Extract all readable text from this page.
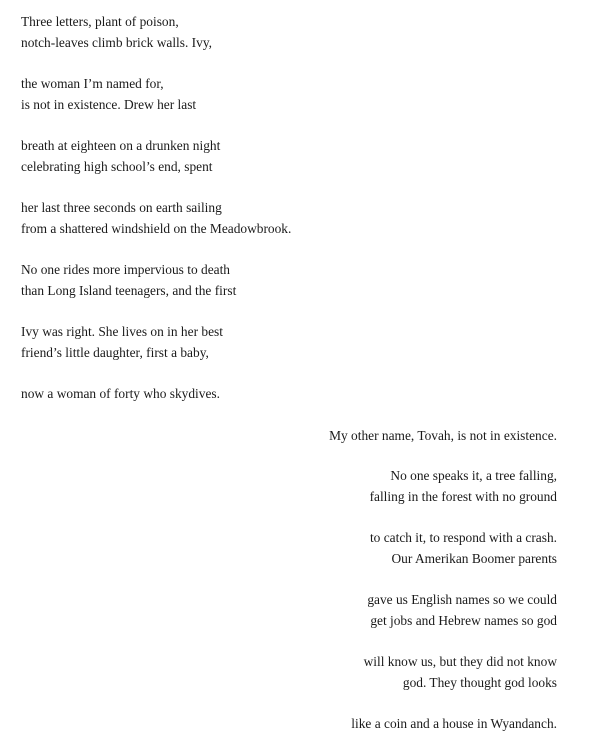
Three letters, plant of poison,
notch-leaves climb brick walls. Ivy,
the woman I’m named for,
is not in existence. Drew her last
breath at eighteen on a drunken night
celebrating high school’s end, spent
her last three seconds on earth sailing
from a shattered windshield on the Meadowbrook.
No one rides more impervious to death
than Long Island teenagers, and the first
Ivy was right. She lives on in her best
friend’s little daughter, first a baby,
now a woman of forty who skydives.
My other name, Tovah, is not in existence.
No one speaks it, a tree falling,
falling in the forest with no ground
to catch it, to respond with a crash.
Our Amerikan Boomer parents
gave us English names so we could
get jobs and Hebrew names so god
will know us, but they did not know
god. They thought god looks
like a coin and a house in Wyandanch.
